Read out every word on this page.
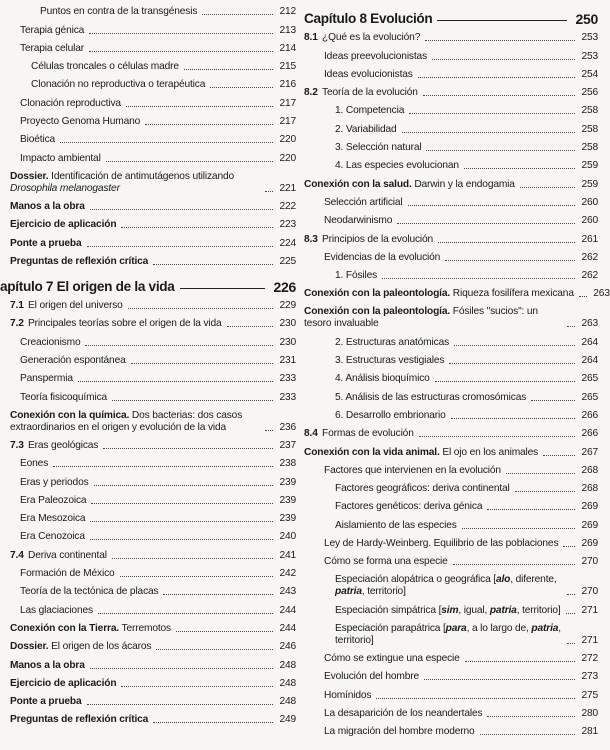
Puntos en contra de la transgénesis	212
Terapia génica	213
Terapia celular	214
Células troncales o células madre	215
Clonación no reproductiva o terapéutica	216
Clonación reproductiva	217
Proyecto Genoma Humano	217
Bioética	220
Impacto ambiental	220
Dossier. Identificación de antimutágenos utilizando Drosophila melanogaster	221
Manos a la obra	222
Ejercicio de aplicación	223
Ponte a prueba	224
Preguntas de reflexión crítica	225
apítulo 7 El origen de la vida	226
7.1 El origen del universo	229
7.2 Principales teorías sobre el origen de la vida	230
Creacionismo	230
Generación espontánea	231
Panspermia	233
Teoría fisicoquímica	233
Conexión con la química. Dos bacterias: dos casos extraordinarios en el origen y evolución de la vida	236
7.3 Eras geológicas	237
Eones	238
Eras y periodos	239
Era Paleozoica	239
Era Mesozoica	239
Era Cenozoica	240
7.4 Deriva continental	241
Formación de México	242
Teoría de la tectónica de placas	243
Las glaciaciones	244
Conexión con la Tierra. Terremotos	244
Dossier. El origen de los ácaros	246
Manos a la obra	248
Ejercicio de aplicación	248
Ponte a prueba	248
Preguntas de reflexión crítica	249
Capítulo 8 Evolución	250
8.1 ¿Qué es la evolución?	253
Ideas preevolucionistas	253
Ideas evolucionistas	254
8.2 Teoría de la evolución	256
1. Competencia	258
2. Variabilidad	258
3. Selección natural	258
4. Las especies evolucionan	259
Conexión con la salud. Darwin y la endogamia	259
Selección artificial	260
Neodarwinismo	260
8.3 Principios de la evolución	261
Evidencias de la evolución	262
1. Fósiles	262
Conexión con la paleontología. Riqueza fosilífera mexicana 263
Conexión con la paleontología. Fósiles "sucios": un tesoro invaluable	263
2. Estructuras anatómicas	264
3. Estructuras vestigiales	264
4. Análisis bioquímico	265
5. Análisis de las estructuras cromosómicas	265
6. Desarrollo embrionario	266
8.4 Formas de evolución	266
Conexión con la vida animal. El ojo en los animales	267
Factores que intervienen en la evolución	268
Factores geográficos: deriva continental	268
Factores genéticos: deriva génica	269
Aislamiento de las especies	269
Ley de Hardy-Weinberg. Equilibrio de las poblaciones 269
Cómo se forma una especie	270
Especiación alopátrica o geográfica [alo, diferente, patria, territorio]	270
Especiación simpátrica [sim, igual, patria, territorio] 271
Especiación parapátrica [para, a lo largo de, patria, territorio]	271
Cómo se extingue una especie	272
Evolución del hombre	273
Homínidos	275
La desaparición de los neandertales	280
La migración del hombre moderno	281
